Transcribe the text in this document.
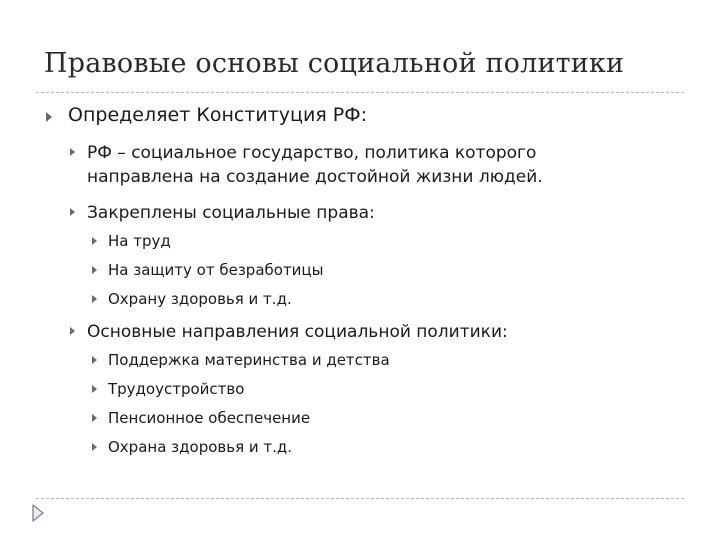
Правовые основы социальной политики
Определяет Конституция РФ:
РФ – социальное государство, политика которого направлена на создание достойной жизни людей.
Закреплены социальные права:
На труд
На защиту от безработицы
Охрану здоровья и т.д.
Основные направления социальной политики:
Поддержка материнства и детства
Трудоустройство
Пенсионное обеспечение
Охрана здоровья и т.д.
